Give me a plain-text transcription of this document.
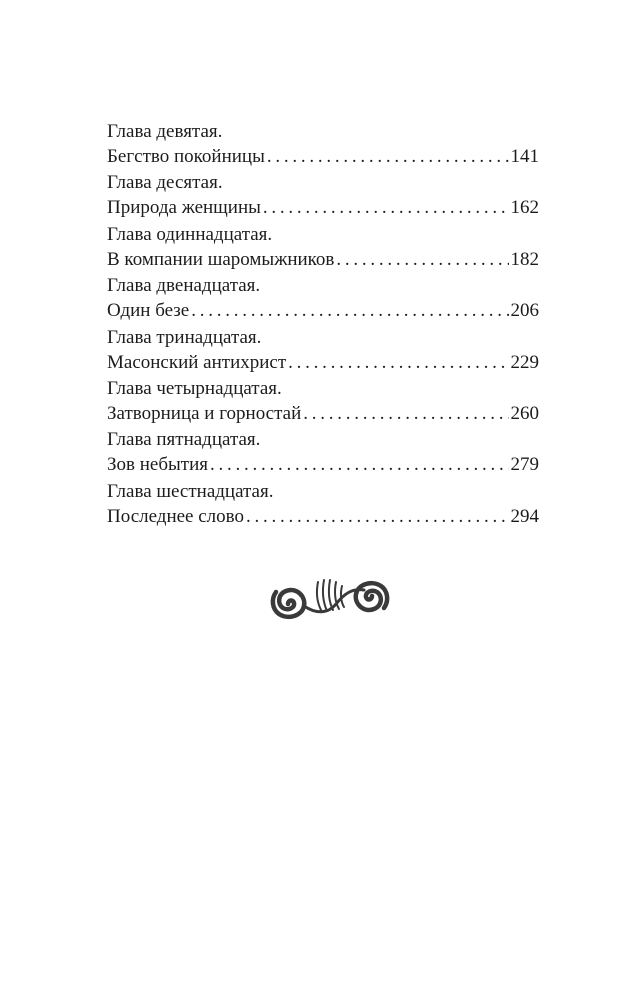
Глава девятая.
Бегство покойницы . . .	141
Глава десятая.
Природа женщины . . .	162
Глава одиннадцатая.
В компании шаромыжников . . .	182
Глава двенадцатая.
Один безе . . .	206
Глава тринадцатая.
Масонский антихрист . . .	229
Глава четырнадцатая.
Затворница и горностай . . .	260
Глава пятнадцатая.
Зов небытия . . .	279
Глава шестнадцатая.
Последнее слово . . .	294
